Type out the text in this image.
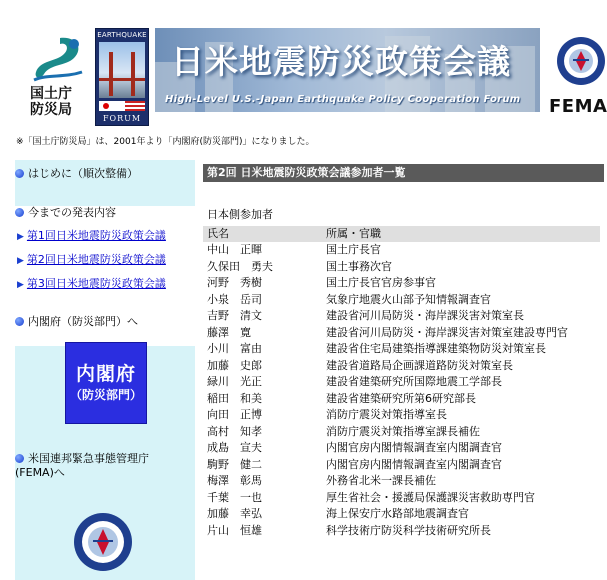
国土庁
防災局
EARTHQUAKE
FORUM
日米地震防災政策会議
High-Level U.S.-Japan Earthquake Policy Cooperation Forum FEMA
※「国土庁防災局」は、2001年より「内閣府(防災部門)」になりました。
はじめに（順次整備）
今までの発表内容
▶ 第1回日米地震防災政策会議
▶ 第2回日米地震防災政策会議
▶ 第3回日米地震防災政策会議
内閣府（防災部門）へ
内閣府
（防災部門）
米国連邦緊急事態管理庁
(FEMA)へ
第2回 日米地震防災政策会議参加者一覧
日本側参加者
氏名	所属・官職
中山　正暉	国土庁長官
久保田　勇夫	国土事務次官
河野　秀樹	国土庁長官官房参事官
小泉　岳司	気象庁地震火山部予知情報調査官
吉野　清文	建設省河川局防災・海岸課災害対策室長
藤澤　寛	建設省河川局防災・海岸課災害対策室建設専門官
小川　富由	建設省住宅局建築指導課建築物防災対策室長
加藤　史郎	建設省道路局企画課道路防災対策室長
緑川　光正	建設省建築研究所国際地震工学部長
稲田　和美	建設省建築研究所第6研究部長
向田　正博	消防庁震災対策指導室長
高村　知孝	消防庁震災対策指導室課長補佐
成島　宣夫	内閣官房内閣情報調査室内閣調査官
駒野　健二	内閣官房内閣情報調査室内閣調査官
梅澤　彰馬	外務省北米一課長補佐
千葉　一也	厚生省社会・援護局保護課災害救助専門官
加藤　幸弘	海上保安庁水路部地震調査官
片山　恒雄	科学技術庁防災科学技術研究所長
